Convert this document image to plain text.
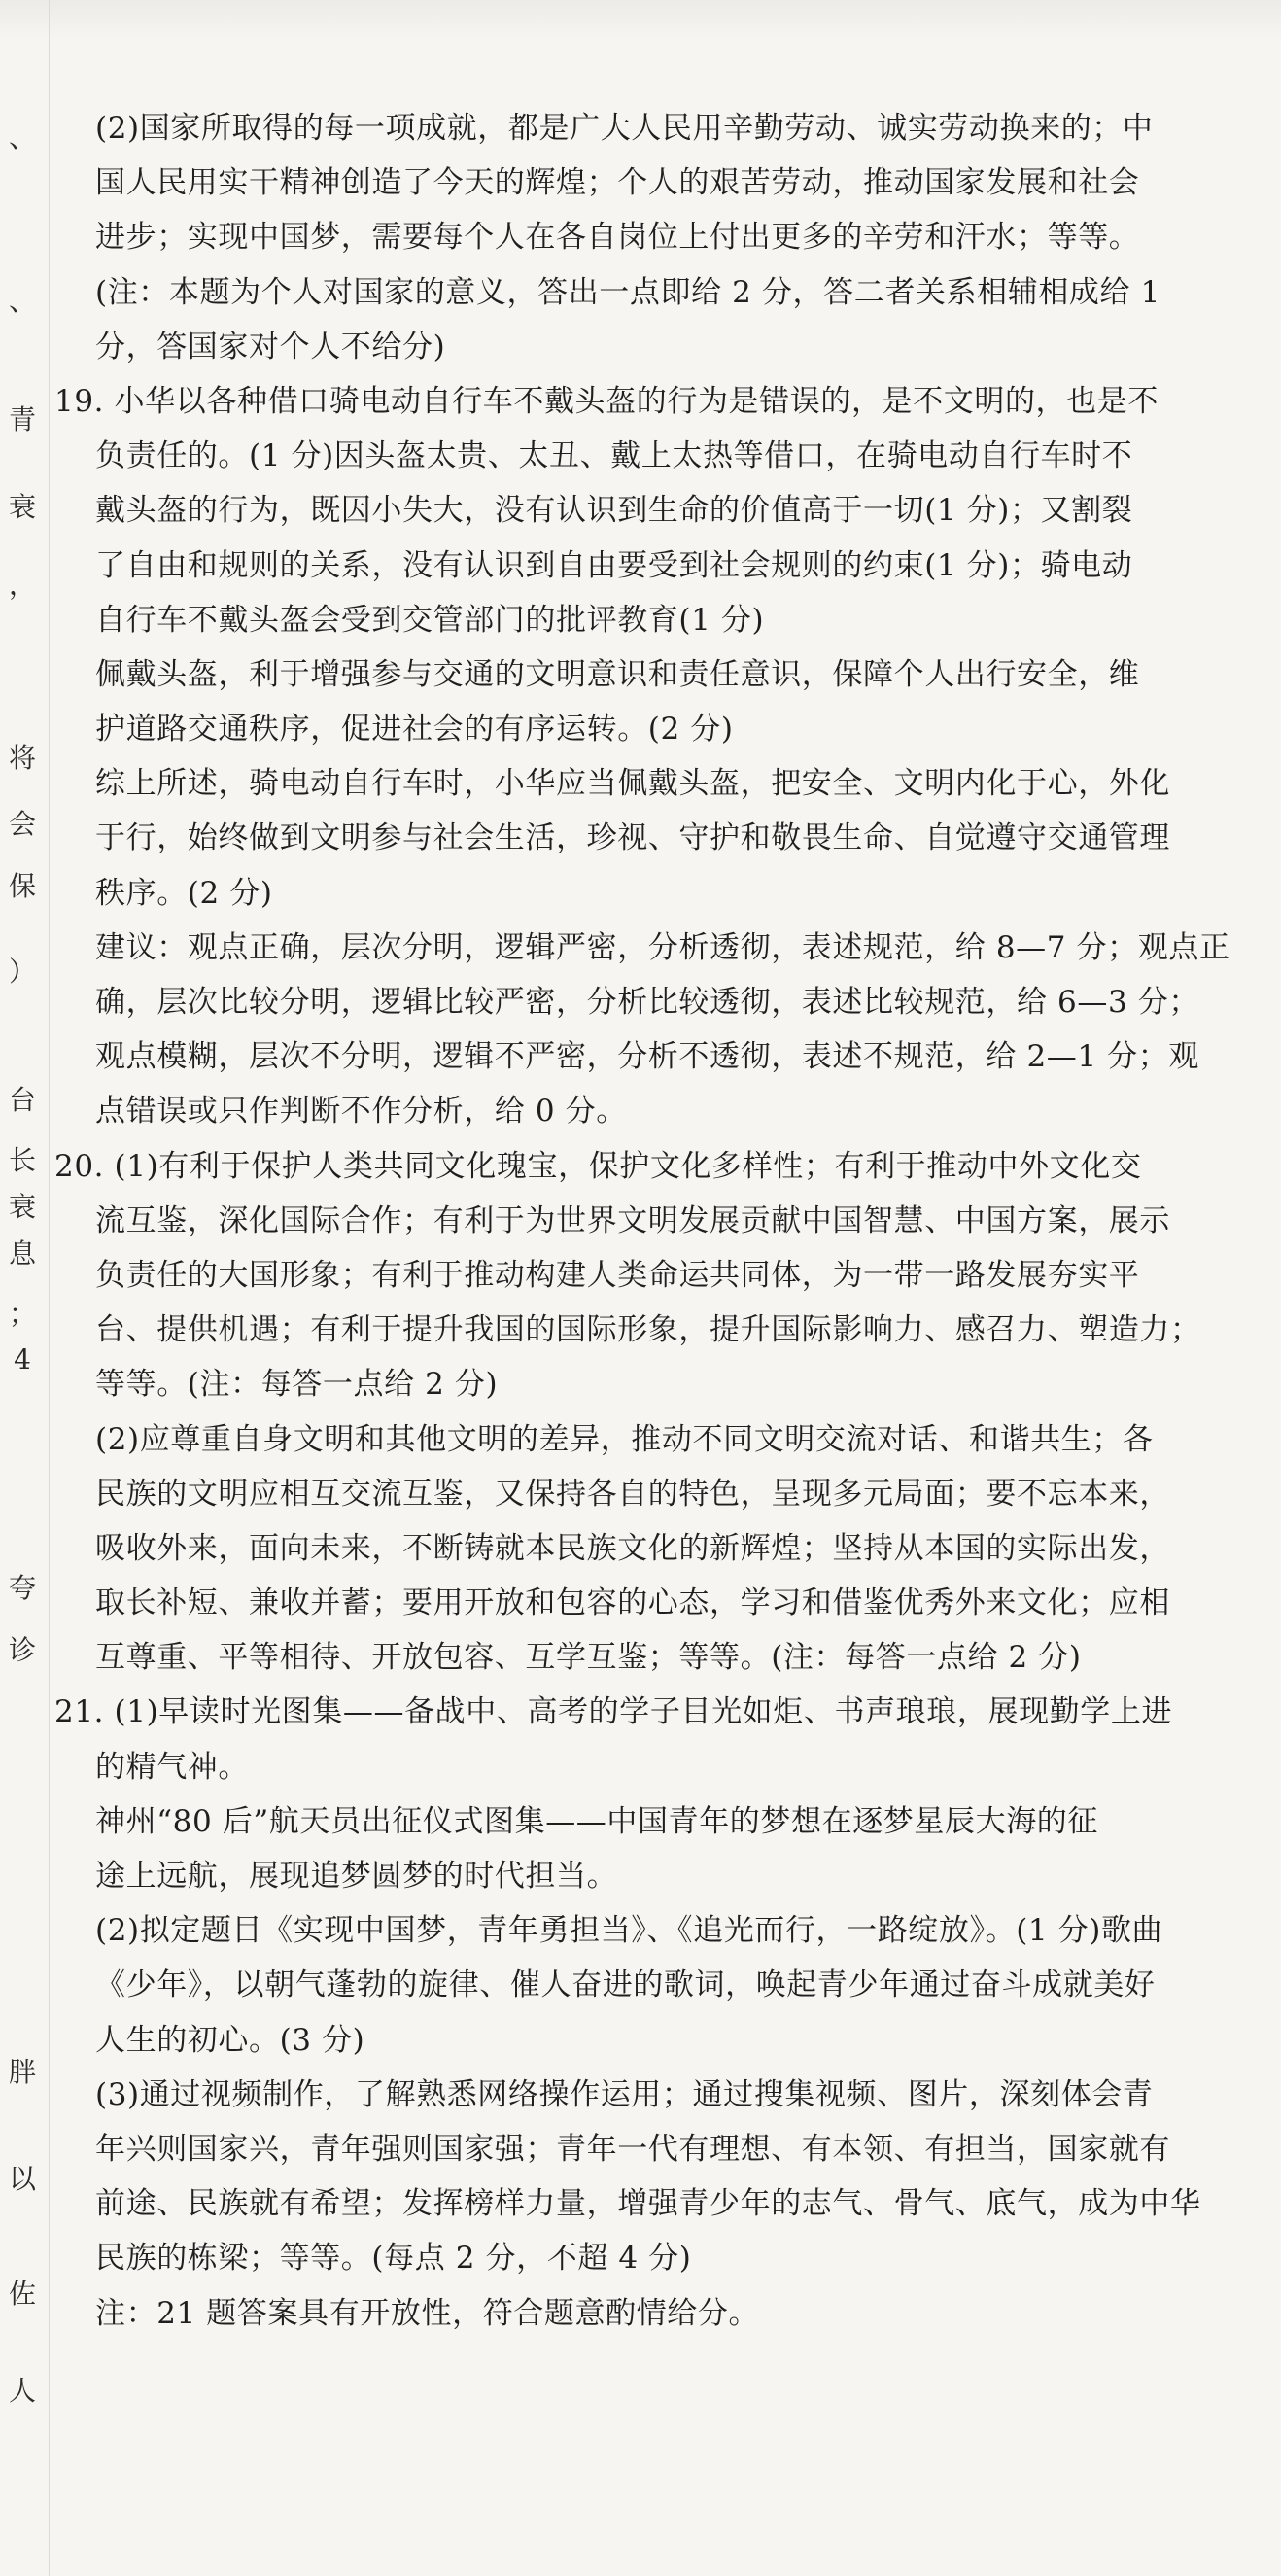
、
、
青
衰
，
将
会
保
）
台
长
衰
息
；
4
夸
诊
胖
以
佐
人
(2)国家所取得的每一项成就，都是广大人民用辛勤劳动、诚实劳动换来的；中
国人民用实干精神创造了今天的辉煌；个人的艰苦劳动，推动国家发展和社会
进步；实现中国梦，需要每个人在各自岗位上付出更多的辛劳和汗水；等等。
(注：本题为个人对国家的意义，答出一点即给 2 分，答二者关系相辅相成给 1
分，答国家对个人不给分)
19. 小华以各种借口骑电动自行车不戴头盔的行为是错误的，是不文明的，也是不
负责任的。(1 分)因头盔太贵、太丑、戴上太热等借口，在骑电动自行车时不
戴头盔的行为，既因小失大，没有认识到生命的价值高于一切(1 分)；又割裂
了自由和规则的关系，没有认识到自由要受到社会规则的约束(1 分)；骑电动
自行车不戴头盔会受到交管部门的批评教育(1 分)
佩戴头盔，利于增强参与交通的文明意识和责任意识，保障个人出行安全，维
护道路交通秩序，促进社会的有序运转。(2 分)
综上所述，骑电动自行车时，小华应当佩戴头盔，把安全、文明内化于心，外化
于行，始终做到文明参与社会生活，珍视、守护和敬畏生命、自觉遵守交通管理
秩序。(2 分)
建议：观点正确，层次分明，逻辑严密，分析透彻，表述规范，给 8—7 分；观点正
确，层次比较分明，逻辑比较严密，分析比较透彻，表述比较规范，给 6—3 分；
观点模糊，层次不分明，逻辑不严密，分析不透彻，表述不规范，给 2—1 分；观
点错误或只作判断不作分析，给 0 分。
20. (1)有利于保护人类共同文化瑰宝，保护文化多样性；有利于推动中外文化交
流互鉴，深化国际合作；有利于为世界文明发展贡献中国智慧、中国方案，展示
负责任的大国形象；有利于推动构建人类命运共同体，为一带一路发展夯实平
台、提供机遇；有利于提升我国的国际形象，提升国际影响力、感召力、塑造力；
等等。(注：每答一点给 2 分)
(2)应尊重自身文明和其他文明的差异，推动不同文明交流对话、和谐共生；各
民族的文明应相互交流互鉴，又保持各自的特色，呈现多元局面；要不忘本来，
吸收外来，面向未来，不断铸就本民族文化的新辉煌；坚持从本国的实际出发，
取长补短、兼收并蓄；要用开放和包容的心态，学习和借鉴优秀外来文化；应相
互尊重、平等相待、开放包容、互学互鉴；等等。(注：每答一点给 2 分)
21. (1)早读时光图集——备战中、高考的学子目光如炬、书声琅琅，展现勤学上进
的精气神。
神州“80 后”航天员出征仪式图集——中国青年的梦想在逐梦星辰大海的征
途上远航，展现追梦圆梦的时代担当。
(2)拟定题目《实现中国梦，青年勇担当》、《追光而行，一路绽放》。(1 分)歌曲
《少年》，以朝气蓬勃的旋律、催人奋进的歌词，唤起青少年通过奋斗成就美好
人生的初心。(3 分)
(3)通过视频制作，了解熟悉网络操作运用；通过搜集视频、图片，深刻体会青
年兴则国家兴，青年强则国家强；青年一代有理想、有本领、有担当，国家就有
前途、民族就有希望；发挥榜样力量，增强青少年的志气、骨气、底气，成为中华
民族的栋梁；等等。(每点 2 分，不超 4 分)
注：21 题答案具有开放性，符合题意酌情给分。
